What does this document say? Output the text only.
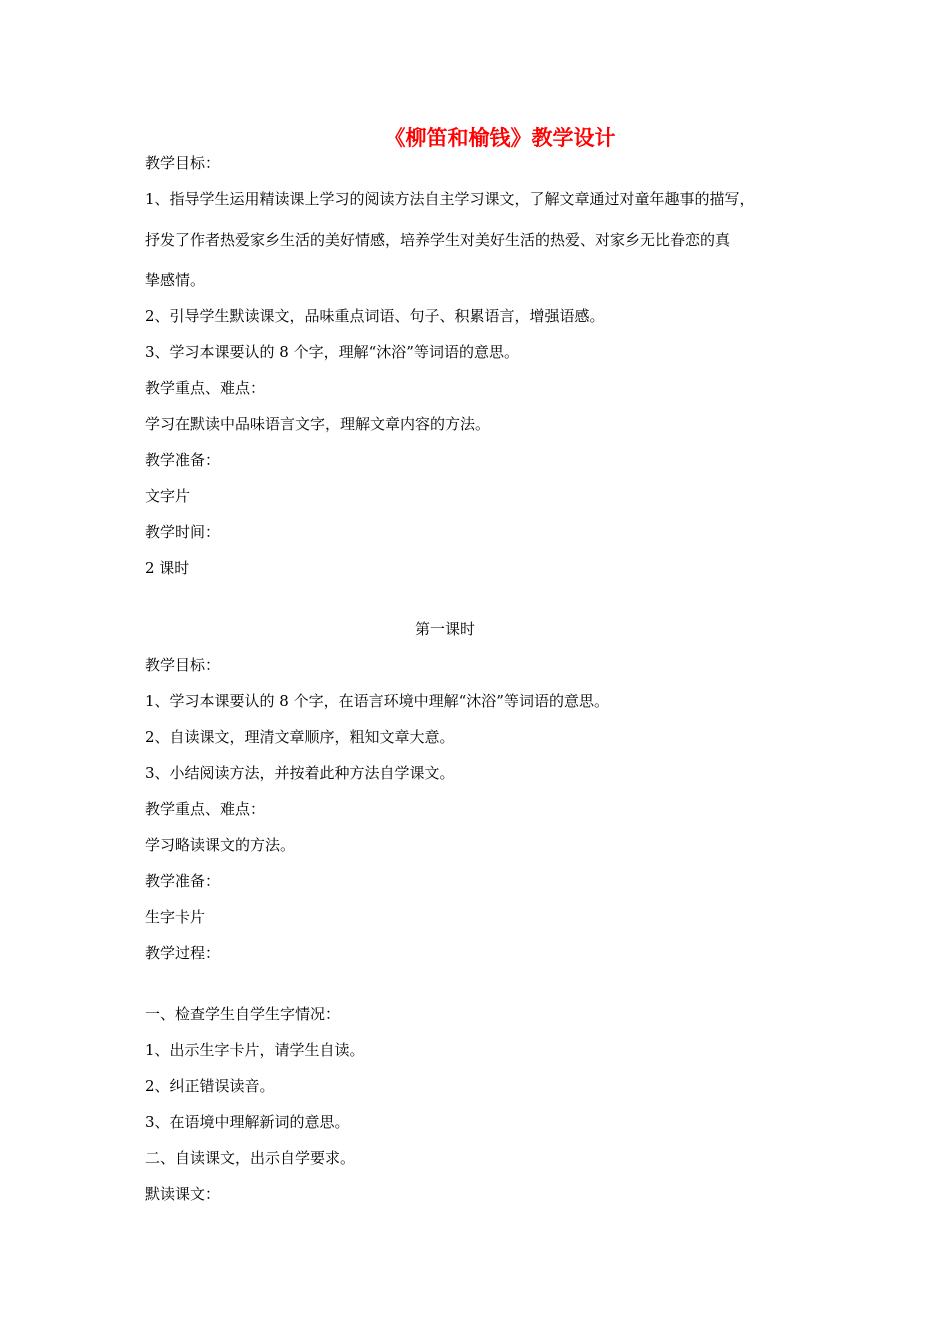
《柳笛和榆钱》教学设计
教学目标：
1、指导学生运用精读课上学习的阅读方法自主学习课文，了解文章通过对童年趣事的描写，
抒发了作者热爱家乡生活的美好情感，培养学生对美好生活的热爱、对家乡无比眷恋的真
挚感情。
2、引导学生默读课文，品味重点词语、句子、积累语言，增强语感。
3、学习本课要认的 8 个字，理解“沐浴”等词语的意思。
教学重点、难点：
学习在默读中品味语言文字，理解文章内容的方法。
教学准备：
文字片
教学时间：
2 课时
第一课时
教学目标：
1、学习本课要认的 8 个字，在语言环境中理解“沐浴”等词语的意思。
2、自读课文，理清文章顺序，粗知文章大意。
3、小结阅读方法，并按着此种方法自学课文。
教学重点、难点：
学习略读课文的方法。
教学准备：
生字卡片
教学过程：
一、检查学生自学生字情况：
1、出示生字卡片，请学生自读。
2、纠正错误读音。
3、在语境中理解新词的意思。
二、自读课文，出示自学要求。
默读课文：
